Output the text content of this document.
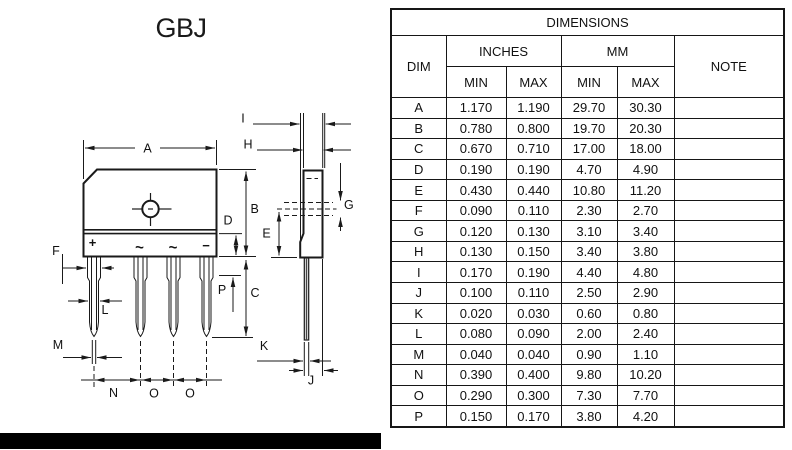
GBJ
A
+	~ ~ −
B
D
C
P
F
L
M
N O O
I
H
G
E
K
J
DIMENSIONS					
DIM	INCHES		MM		NOTE
	MIN	MAX	MIN	MAX	
A	1.170	1.190	29.70	30.30	
B	0.780	0.800	19.70	20.30	
C	0.670	0.710	17.00	18.00	
D	0.190	0.190	4.70	4.90	
E	0.430	0.440	10.80	11.20	
F	0.090	0.110	2.30	2.70	
G	0.120	0.130	3.10	3.40	
H	0.130	0.150	3.40	3.80	
I	0.170	0.190	4.40	4.80	
J	0.100	0.110	2.50	2.90	
K	0.020	0.030	0.60	0.80	
L	0.080	0.090	2.00	2.40	
M	0.040	0.040	0.90	1.10	
N	0.390	0.400	9.80	10.20	
O	0.290	0.300	7.30	7.70	
P	0.150	0.170	3.80	4.20	
